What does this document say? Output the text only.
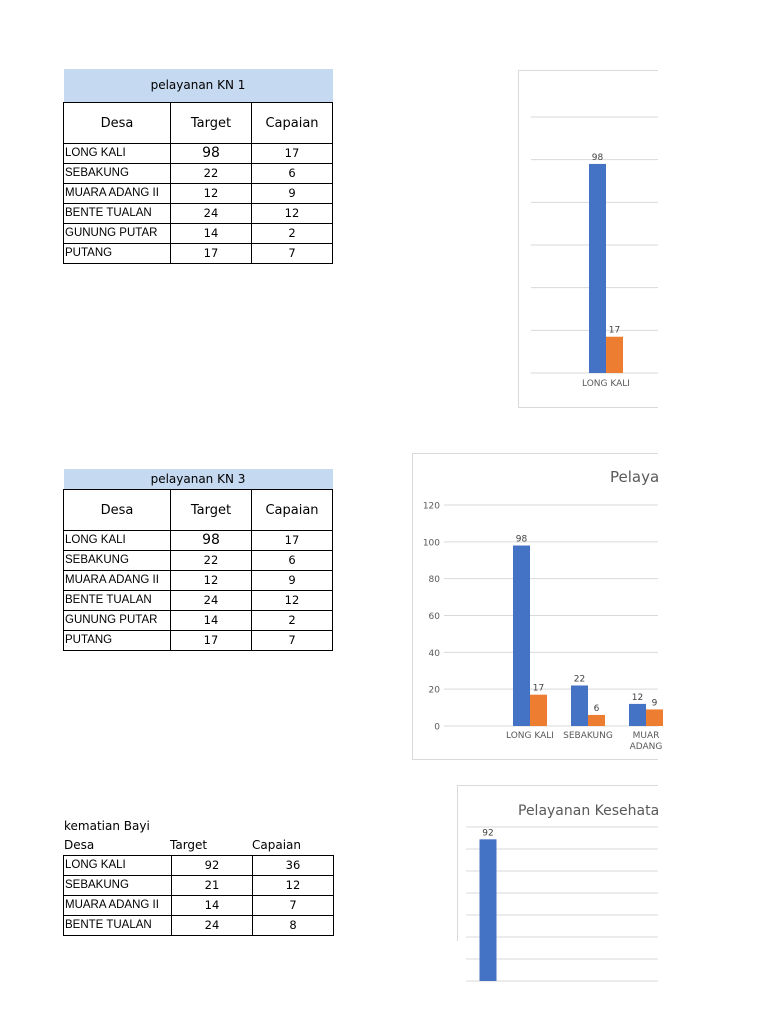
pelayanan KN 1		
Desa	Target	Capaian
LONG KALI	98	17
SEBAKUNG	22	6
MUARA ADANG II	12	9
BENTE TUALAN	24	12
GUNUNG PUTAR	14	2
PUTANG	17	7
pelayanan KN 3		
Desa	Target	Capaian
LONG KALI	98	17
SEBAKUNG	22	6
MUARA ADANG II	12	9
BENTE TUALAN	24	12
GUNUNG PUTAR	14	2
PUTANG	17	7
kematian Bayi
Desa	Target	Capaian
LONG KALI	92	36
SEBAKUNG	21	12
MUARA ADANG II	14	7
BENTE TUALAN	24	8
98
17
LONG KALI
Pelaya
0
20
40
60
80
100
120
98
17
LONG KALI
22
6
SEBAKUNG
12
9
MUAR
ADANG
Pelayanan Kesehata
92
